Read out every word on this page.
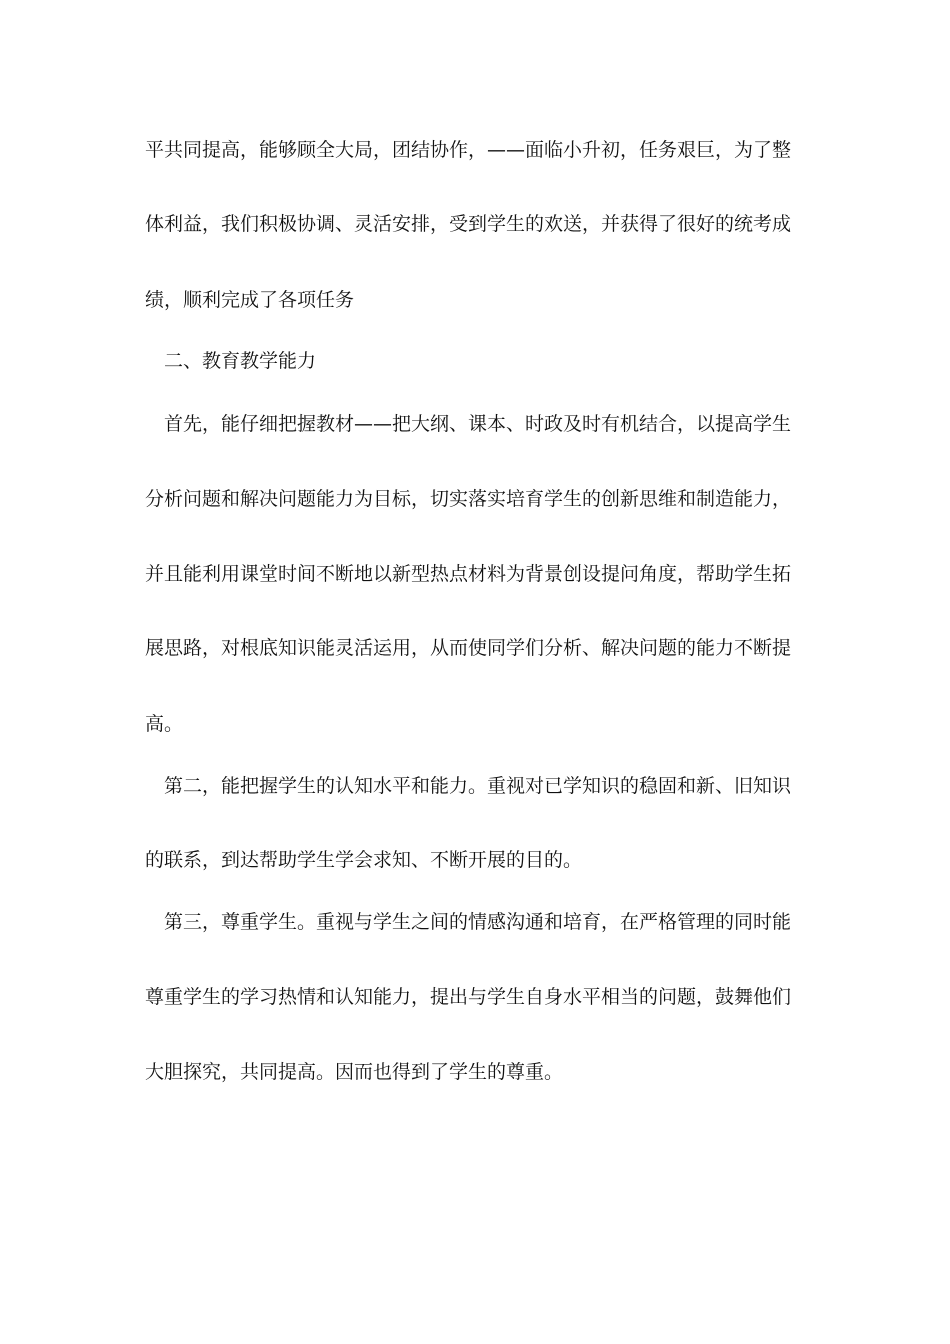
平共同提高，能够顾全大局，团结协作，——面临小升初，任务艰巨，为了整
体利益，我们积极协调、灵活安排，受到学生的欢送，并获得了很好的统考成
绩，顺利完成了各项任务
二、教育教学能力
首先，能仔细把握教材——把大纲、课本、时政及时有机结合，以提高学生
分析问题和解决问题能力为目标，切实落实培育学生的创新思维和制造能力，
并且能利用课堂时间不断地以新型热点材料为背景创设提问角度，帮助学生拓
展思路，对根底知识能灵活运用，从而使同学们分析、解决问题的能力不断提
高。
第二，能把握学生的认知水平和能力。重视对已学知识的稳固和新、旧知识
的联系，到达帮助学生学会求知、不断开展的目的。
第三，尊重学生。重视与学生之间的情感沟通和培育，在严格管理的同时能
尊重学生的学习热情和认知能力，提出与学生自身水平相当的问题，鼓舞他们
大胆探究，共同提高。因而也得到了学生的尊重。
